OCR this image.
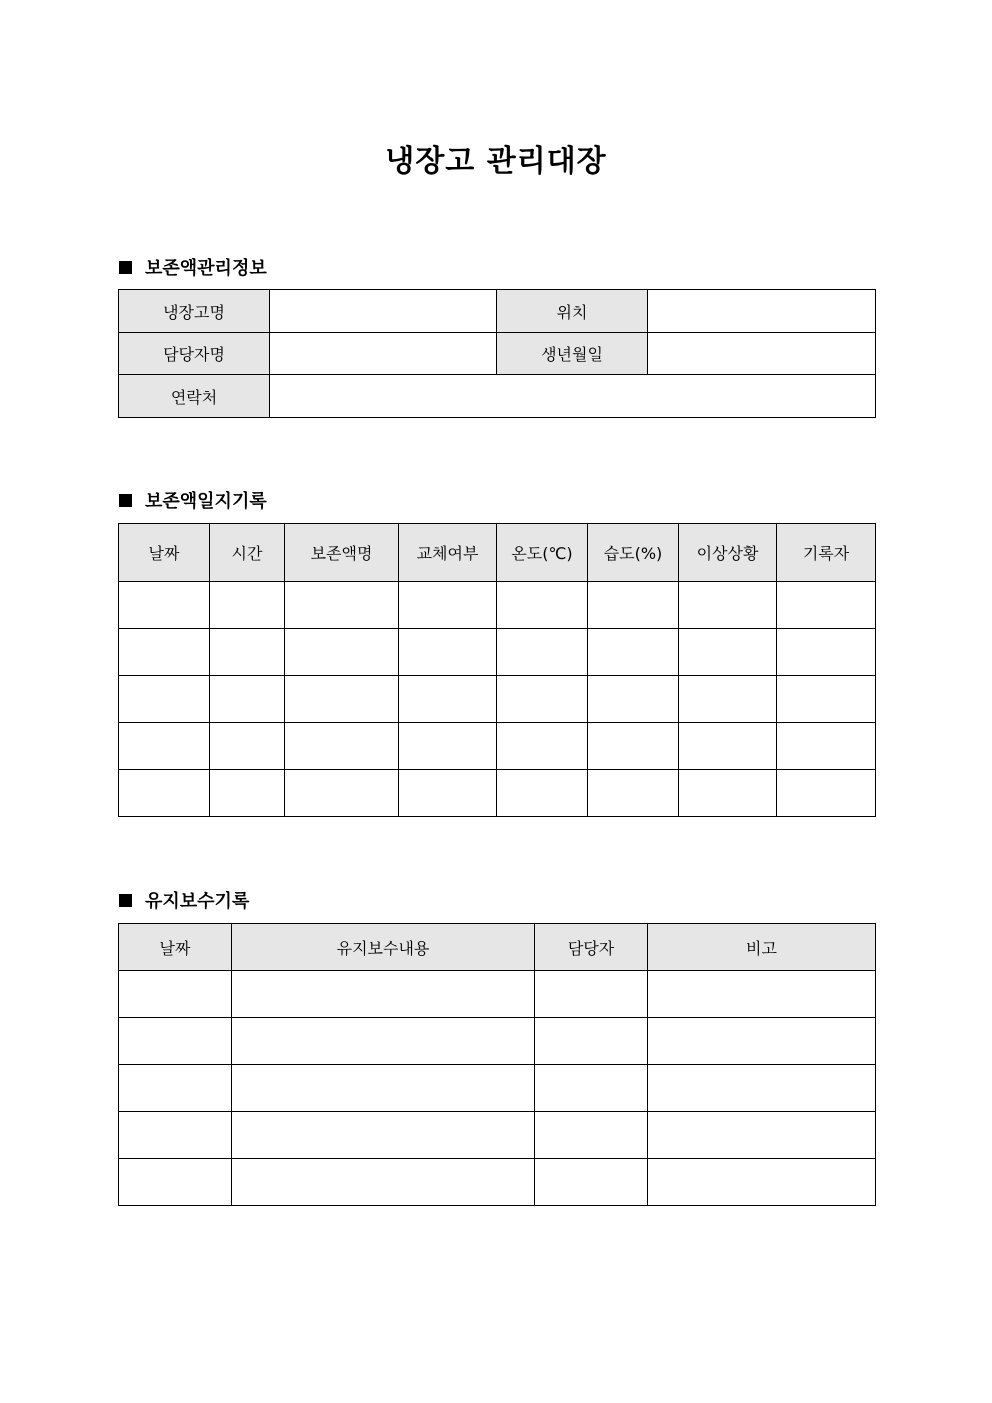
냉장고 관리대장
보존액관리정보
냉장고명		위치	
담당자명		생년월일	
연락처			
보존액일지기록
날짜	시간	보존액명	교체여부	온도(℃)	습도(%)	이상상황	기록자

유지보수기록
날짜	유지보수내용	담당자	비고
